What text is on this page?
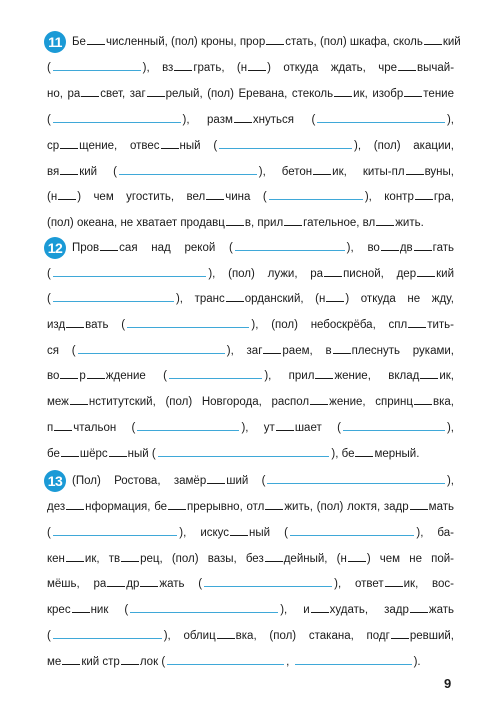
11 Бе численный, (пол) кроны, прор стать, (пол) шкафа, сколь кий
(	), вз грать, (н ) откуда ждать, чре вычай-
но, ра свет, заг релый, (пол) Еревана, стеколь ик, изобр тение
(	), разм хнуться (	),
ср щение, отвес ный (	), (пол) акации,
вя кий (	), бетон ик, киты-пл вуны,
(н ) чем угостить, вел чина (	), контр гра,
(пол) океана, не хватает продавц в, прил гательное, вл жить.
12 Пров сая над рекой (	), во дв гать
(	), (пол) лужи, ра писной, дер кий
(	), транс орданский, (н ) откуда не жду,
изд вать (	), (пол) небоскрёба, спл тить-
ся (	), заг раем, в плеснуть руками,
во р ждение (	), прил жение, вклад ик,
меж нститутский, (пол) Новгорода, распол жение, спринц вка,
п чтальон (	), ут шает (	),
бе шёрс ный (	), бе мерный.
13 (Пол) Ростова, замёр ший (	),
дез нформация, бе прерывно, отл жить, (пол) локтя, задр мать
(	), искус ный (	), ба-
кен ик, тв рец, (пол) вазы, без дейный, (н ) чем не пой-
мёшь, ра др жать (	), ответ ик, вос-
крес ник (	), и худать, задр жать
(	), облиц вка, (пол) стакана, подг ревший,
ме кий стр лок (	,	).
9
